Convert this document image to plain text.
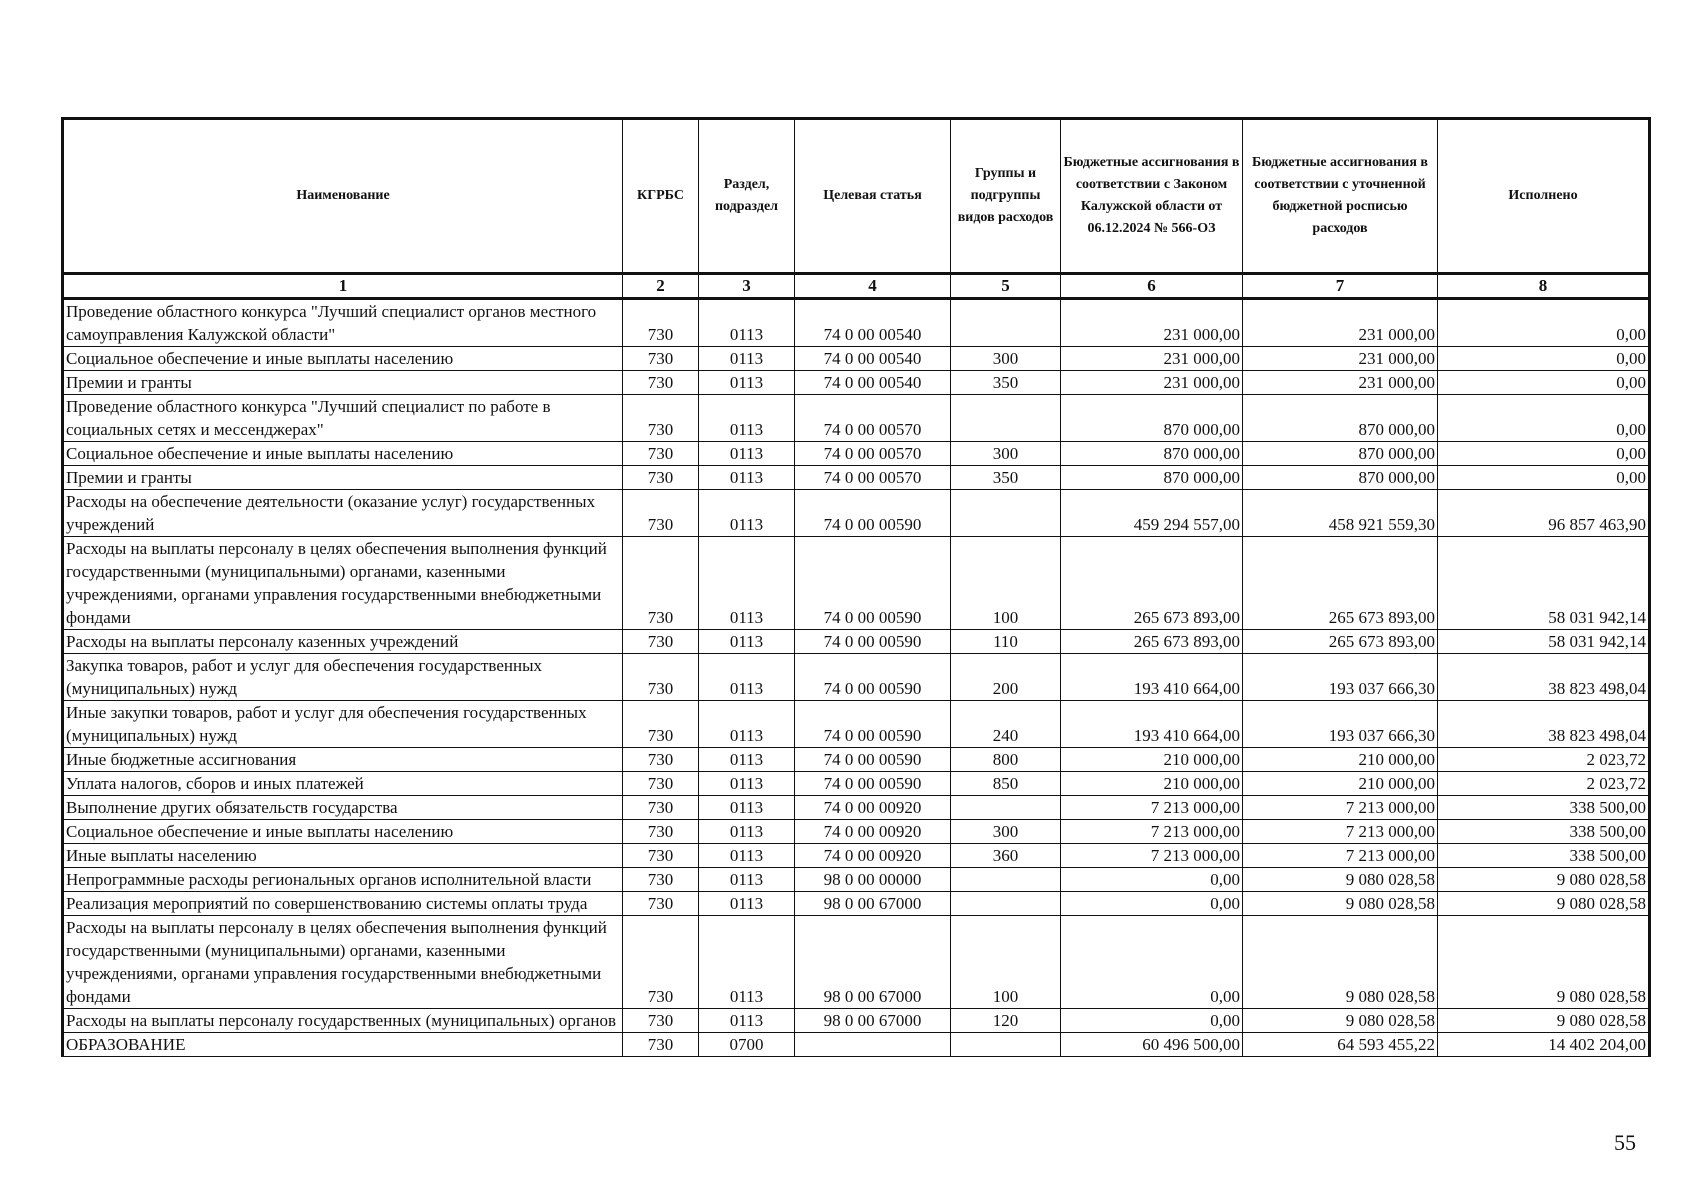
Наименование	КГРБС	Раздел, подраздел	Целевая статья	Группы и подгруппы видов расходов	Бюджетные ассигнования в соответствии с Законом Калужской области от 06.12.2024 № 566-ОЗ	Бюджетные ассигнования в соответствии с уточненной бюджетной росписью расходов	Исполнено
1	2	3	4	5	6	7	8
Проведение областного конкурса "Лучший специалист органов местного самоуправления Калужской области"	730	0113	74 0 00 00540		231 000,00	231 000,00	0,00
Социальное обеспечение и иные выплаты населению	730	0113	74 0 00 00540	300	231 000,00	231 000,00	0,00
Премии и гранты	730	0113	74 0 00 00540	350	231 000,00	231 000,00	0,00
Проведение областного конкурса "Лучший специалист по работе в социальных сетях и мессенджерах"	730	0113	74 0 00 00570		870 000,00	870 000,00	0,00
Социальное обеспечение и иные выплаты населению	730	0113	74 0 00 00570	300	870 000,00	870 000,00	0,00
Премии и гранты	730	0113	74 0 00 00570	350	870 000,00	870 000,00	0,00
Расходы на обеспечение деятельности (оказание услуг) государственных учреждений	730	0113	74 0 00 00590		459 294 557,00	458 921 559,30	96 857 463,90
Расходы на выплаты персоналу в целях обеспечения выполнения функций государственными (муниципальными) органами, казенными учреждениями, органами управления государственными внебюджетными фондами	730	0113	74 0 00 00590	100	265 673 893,00	265 673 893,00	58 031 942,14
Расходы на выплаты персоналу казенных учреждений	730	0113	74 0 00 00590	110	265 673 893,00	265 673 893,00	58 031 942,14
Закупка товаров, работ и услуг для обеспечения государственных (муниципальных) нужд	730	0113	74 0 00 00590	200	193 410 664,00	193 037 666,30	38 823 498,04
Иные закупки товаров, работ и услуг для обеспечения государственных (муниципальных) нужд	730	0113	74 0 00 00590	240	193 410 664,00	193 037 666,30	38 823 498,04
Иные бюджетные ассигнования	730	0113	74 0 00 00590	800	210 000,00	210 000,00	2 023,72
Уплата налогов, сборов и иных платежей	730	0113	74 0 00 00590	850	210 000,00	210 000,00	2 023,72
Выполнение других обязательств государства	730	0113	74 0 00 00920		7 213 000,00	7 213 000,00	338 500,00
Социальное обеспечение и иные выплаты населению	730	0113	74 0 00 00920	300	7 213 000,00	7 213 000,00	338 500,00
Иные выплаты населению	730	0113	74 0 00 00920	360	7 213 000,00	7 213 000,00	338 500,00
Непрограммные расходы региональных органов исполнительной власти	730	0113	98 0 00 00000		0,00	9 080 028,58	9 080 028,58
Реализация мероприятий по совершенствованию системы оплаты труда	730	0113	98 0 00 67000		0,00	9 080 028,58	9 080 028,58
Расходы на выплаты персоналу в целях обеспечения выполнения функций государственными (муниципальными) органами, казенными учреждениями, органами управления государственными внебюджетными фондами	730	0113	98 0 00 67000	100	0,00	9 080 028,58	9 080 028,58
Расходы на выплаты персоналу государственных (муниципальных) органов	730	0113	98 0 00 67000	120	0,00	9 080 028,58	9 080 028,58
ОБРАЗОВАНИЕ	730	0700			60 496 500,00	64 593 455,22	14 402 204,00
55
